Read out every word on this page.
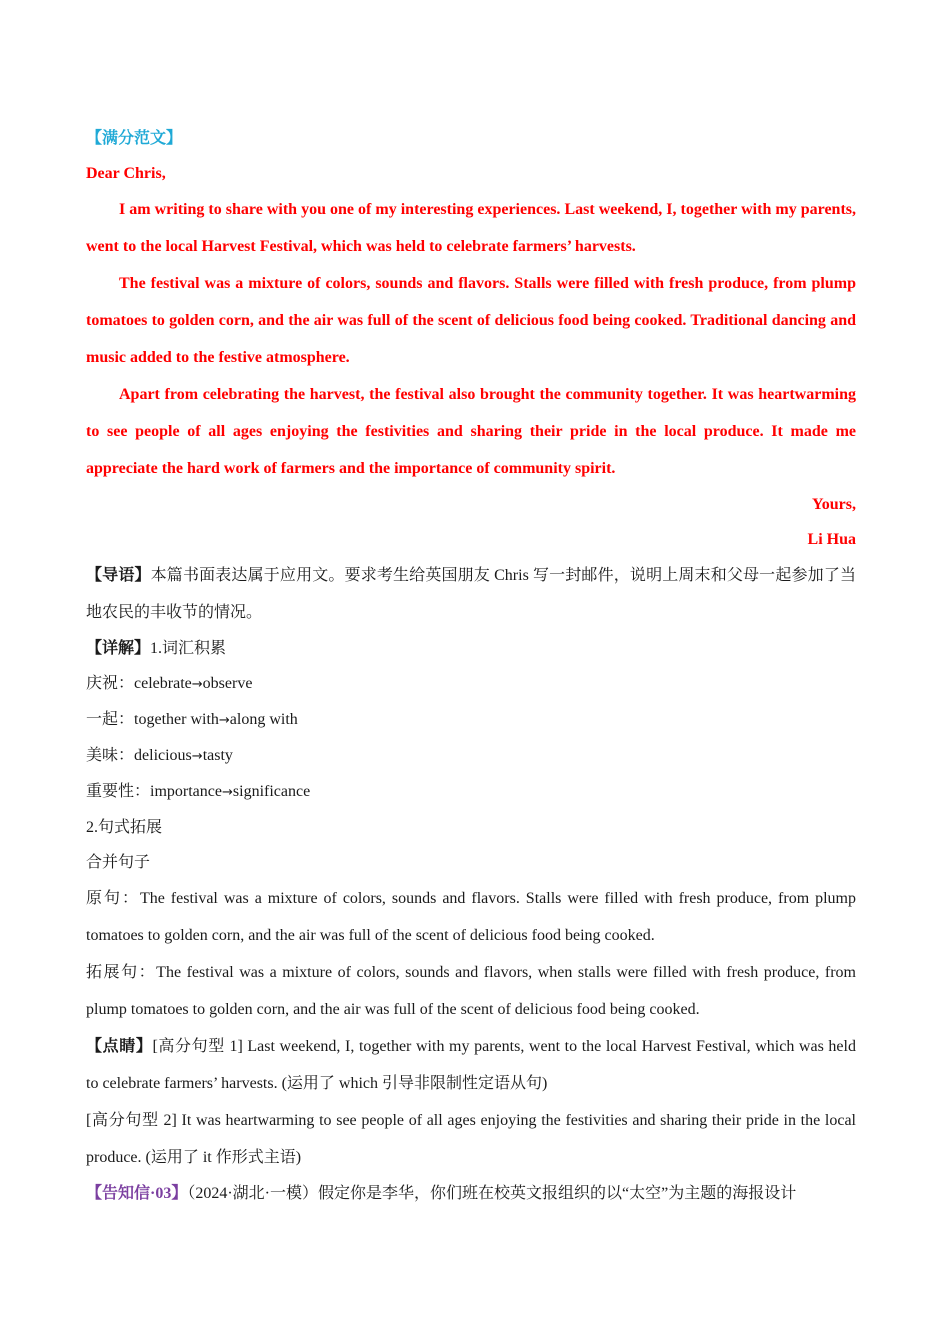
【满分范文】
Dear Chris,

I am writing to share with you one of my interesting experiences. Last weekend, I, together with my parents, went to the local Harvest Festival, which was held to celebrate farmers’ harvests.

The festival was a mixture of colors, sounds and flavors. Stalls were filled with fresh produce, from plump tomatoes to golden corn, and the air was full of the scent of delicious food being cooked. Traditional dancing and music added to the festive atmosphere.

Apart from celebrating the harvest, the festival also brought the community together. It was heartwarming to see people of all ages enjoying the festivities and sharing their pride in the local produce. It made me appreciate the hard work of farmers and the importance of community spirit.

Yours,
Li Hua

【导语】本篇书面表达属于应用文。要求考生给英国朋友 Chris 写一封邮件，说明上周末和父母一起参加了当地农民的丰收节的情况。

【详解】1.词汇积累
庆祝：celebrate→observe
一起：together with→along with
美味：delicious→tasty
重要性：importance→significance
2.句式拓展
合并句子

原句：The festival was a mixture of colors, sounds and flavors. Stalls were filled with fresh produce, from plump tomatoes to golden corn, and the air was full of the scent of delicious food being cooked.

拓展句：The festival was a mixture of colors, sounds and flavors, when stalls were filled with fresh produce, from plump tomatoes to golden corn, and the air was full of the scent of delicious food being cooked.

【点睛】[高分句型 1] Last weekend, I, together with my parents, went to the local Harvest Festival, which was held to celebrate farmers’ harvests. (运用了 which 引导非限制性定语从句)

[高分句型 2] It was heartwarming to see people of all ages enjoying the festivities and sharing their pride in the local produce. (运用了 it 作形式主语)

【告知信·03】（2024·湖北·一模）假定你是李华，你们班在校英文报组织的以“太空”为主题的海报设计
